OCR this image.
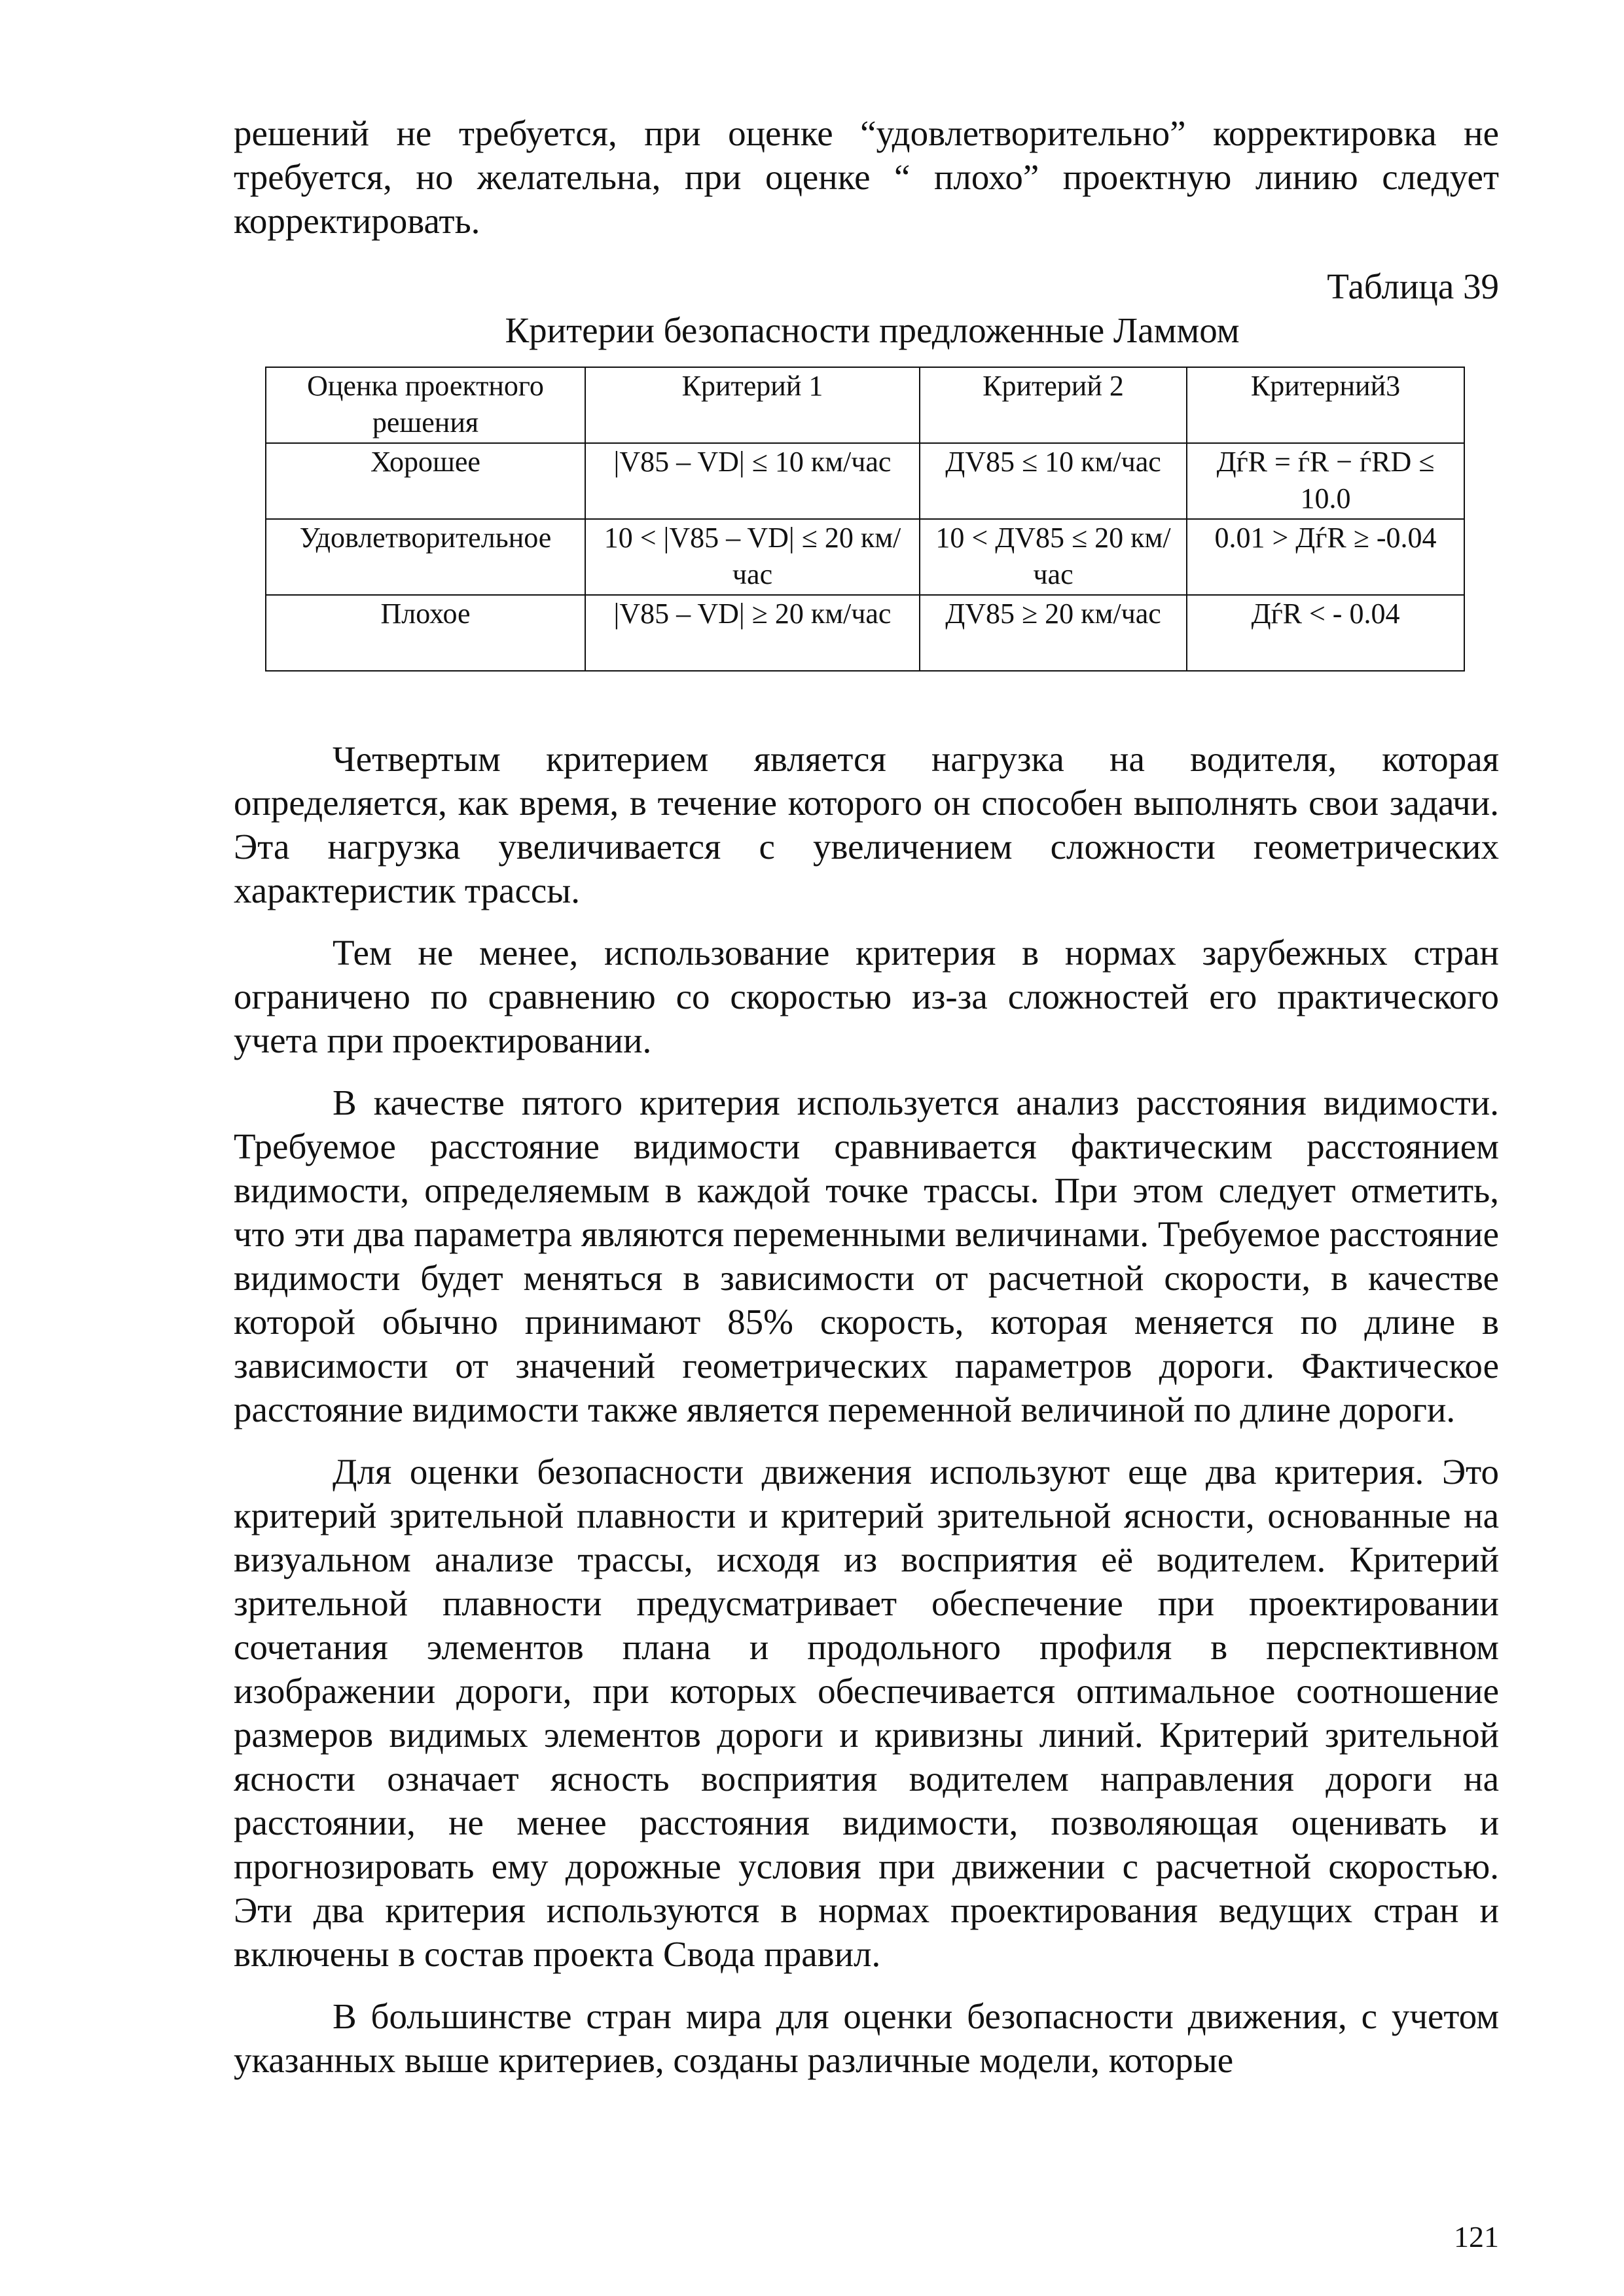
решений не требуется, при оценке “удовлетворительно” корректировка не требуется, но желательна, при оценке “ плохо” проектную линию следует корректировать.

Таблица 39
Критерии безопасности предложенные Ламмом
Оценка проектного решения	Критерий 1	Критерий 2	Критерний3
Хорошее	|V85 – VD| ≤ 10 км/час	ДV85 ≤ 10 км/час	ДѓR = ѓR − ѓRD ≤ 10.0
Удовлетворительное	10 < |V85 – VD| ≤ 20 км/час	10 < ДV85 ≤ 20 км/час	0.01 > ДѓR ≥ -0.04
Плохое	|V85 – VD| ≥ 20 км/час	ДV85 ≥ 20 км/час	ДѓR < - 0.04

Четвертым критерием является нагрузка на водителя, которая определяется, как время, в течение которого он способен выполнять свои задачи. Эта нагрузка увеличивается с увеличением сложности геометрических характеристик трассы.

Тем не менее, использование критерия в нормах зарубежных стран ограничено по сравнению со скоростью из-за сложностей его практического учета при проектировании.

В качестве пятого критерия используется анализ расстояния видимости. Требуемое расстояние видимости сравнивается фактическим расстоянием видимости, определяемым в каждой точке трассы. При этом следует отметить, что эти два параметра являются переменными величинами. Требуемое расстояние видимости будет меняться в зависимости от расчетной скорости, в качестве которой обычно принимают 85% скорость, которая меняется по длине в зависимости от значений геометрических параметров дороги. Фактическое расстояние видимости также является переменной величиной по длине дороги.

Для оценки безопасности движения используют еще два критерия. Это критерий зрительной плавности и критерий зрительной ясности, основанные на визуальном анализе трассы, исходя из восприятия её водителем. Критерий зрительной плавности предусматривает обеспечение при проектировании сочетания элементов плана и продольного профиля в перспективном изображении дороги, при которых обеспечивается оптимальное соотношение размеров видимых элементов дороги и кривизны линий. Критерий зрительной ясности означает ясность восприятия водителем направления дороги на расстоянии, не менее расстояния видимости, позволяющая оценивать и прогнозировать ему дорожные условия при движении с расчетной скоростью. Эти два критерия используются в нормах проектирования ведущих стран и включены в состав проекта Свода правил.

В большинстве стран мира для оценки безопасности движения, с учетом указанных выше критериев, созданы различные модели, которые

121
